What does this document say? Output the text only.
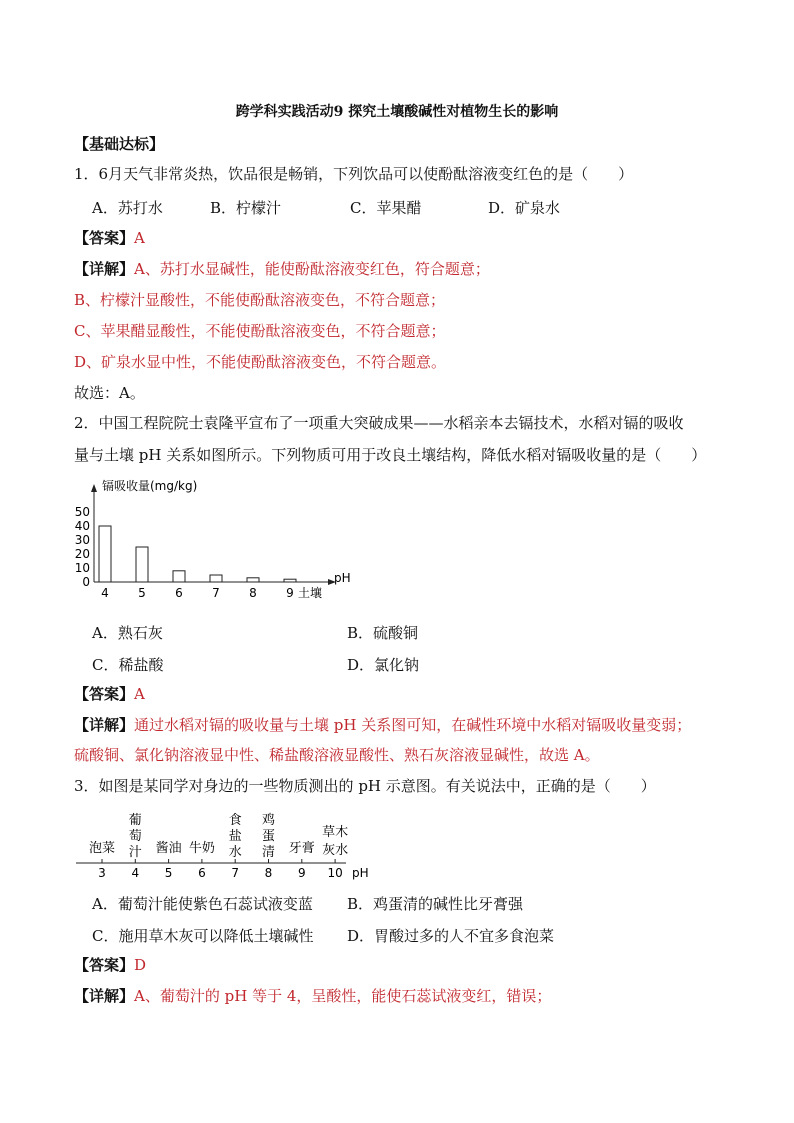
跨学科实践活动9 探究土壤酸碱性对植物生长的影响
【基础达标】
1．6月天气非常炎热，饮品很是畅销，下列饮品可以使酚酞溶液变红色的是（　　）
A．苏打水	B．柠檬汁	C．苹果醋	D．矿泉水
【答案】A
【详解】A、苏打水显碱性，能使酚酞溶液变红色，符合题意；
B、柠檬汁显酸性，不能使酚酞溶液变色，不符合题意；
C、苹果醋显酸性，不能使酚酞溶液变色，不符合题意；
D、矿泉水显中性，不能使酚酞溶液变色，不符合题意。
故选：A。
2．中国工程院院士袁隆平宣布了一项重大突破成果——水稻亲本去镉技术，水稻对镉的吸收
量与土壤 pH 关系如图所示。下列物质可用于改良土壤结构，降低水稻对镉吸收量的是（　　）
镉吸收量(mg/kg)
pH
土壤
50
40
30
20
10
0
4 5 6 7 8 9
A．熟石灰	B．硫酸铜
C．稀盐酸	D．氯化钠
【答案】A
【详解】通过水稻对镉的吸收量与土壤 pH 关系图可知，在碱性环境中水稻对镉吸收量变弱；
硫酸铜、氯化钠溶液显中性、稀盐酸溶液显酸性、熟石灰溶液显碱性，故选 A。
3．如图是某同学对身边的一些物质测出的 pH 示意图。有关说法中，正确的是（　　）
泡菜
葡
萄
汁 酱油 牛奶
食
盐
水
鸡
蛋
清 牙膏
草木
灰水
3 4 5 6 7 8 9 10 pH
A．葡萄汁能使紫色石蕊试液变蓝 B．鸡蛋清的碱性比牙膏强
C．施用草木灰可以降低土壤碱性 D．胃酸过多的人不宜多食泡菜
【答案】D
【详解】A、葡萄汁的 pH 等于 4，呈酸性，能使石蕊试液变红，错误；
